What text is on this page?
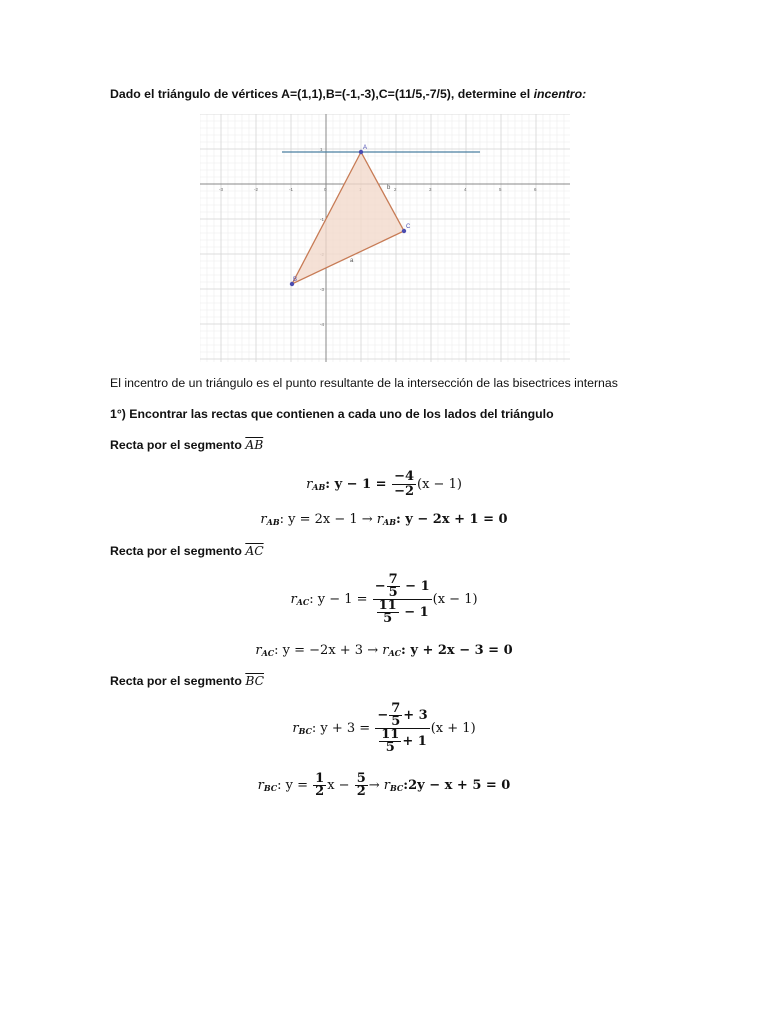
Dado el triángulo de vértices A=(1,1),B=(-1,-3),C=(11/5,-7/5), determine el incentro:
-3	-2	-1	0	2	3	4	5	6
1
-1
-3
-4
A
B
C
b
a
El incentro de un triángulo es el punto resultante de la intersección de las bisectrices internas
1°) Encontrar las rectas que contienen a cada uno de los lados del triángulo
Recta por el segmento $\overline{AB}$
$r_{AB}$: $y - 1 = \frac{-4}{-2} (x - 1)$
$r_{AB}$: $y = 2x - 1 \to r_{AB}$: y − 2x + 1 = 0
Recta por el segmento $\overline{AC}$
$r_{AC}$: $y - 1 = \frac{- \frac{7}{5} - 1}{\frac{11}{5} - 1} (x - 1)$
$r_{AC}$: $y = -2x + 3 \to r_{AC}$: y + 2x − 3 = 0
Recta por el segmento $\overline{BC}$
$r_{BC}$: $y + 3 = \frac{- \frac{7}{5} + 3}{\frac{11}{5} + 1} (x + 1)$
$r_{BC}$: $y = \frac{1}{2}$ $x - \frac{5}{2}$ → $r_{BC}:2y - x + 5 = 0$
